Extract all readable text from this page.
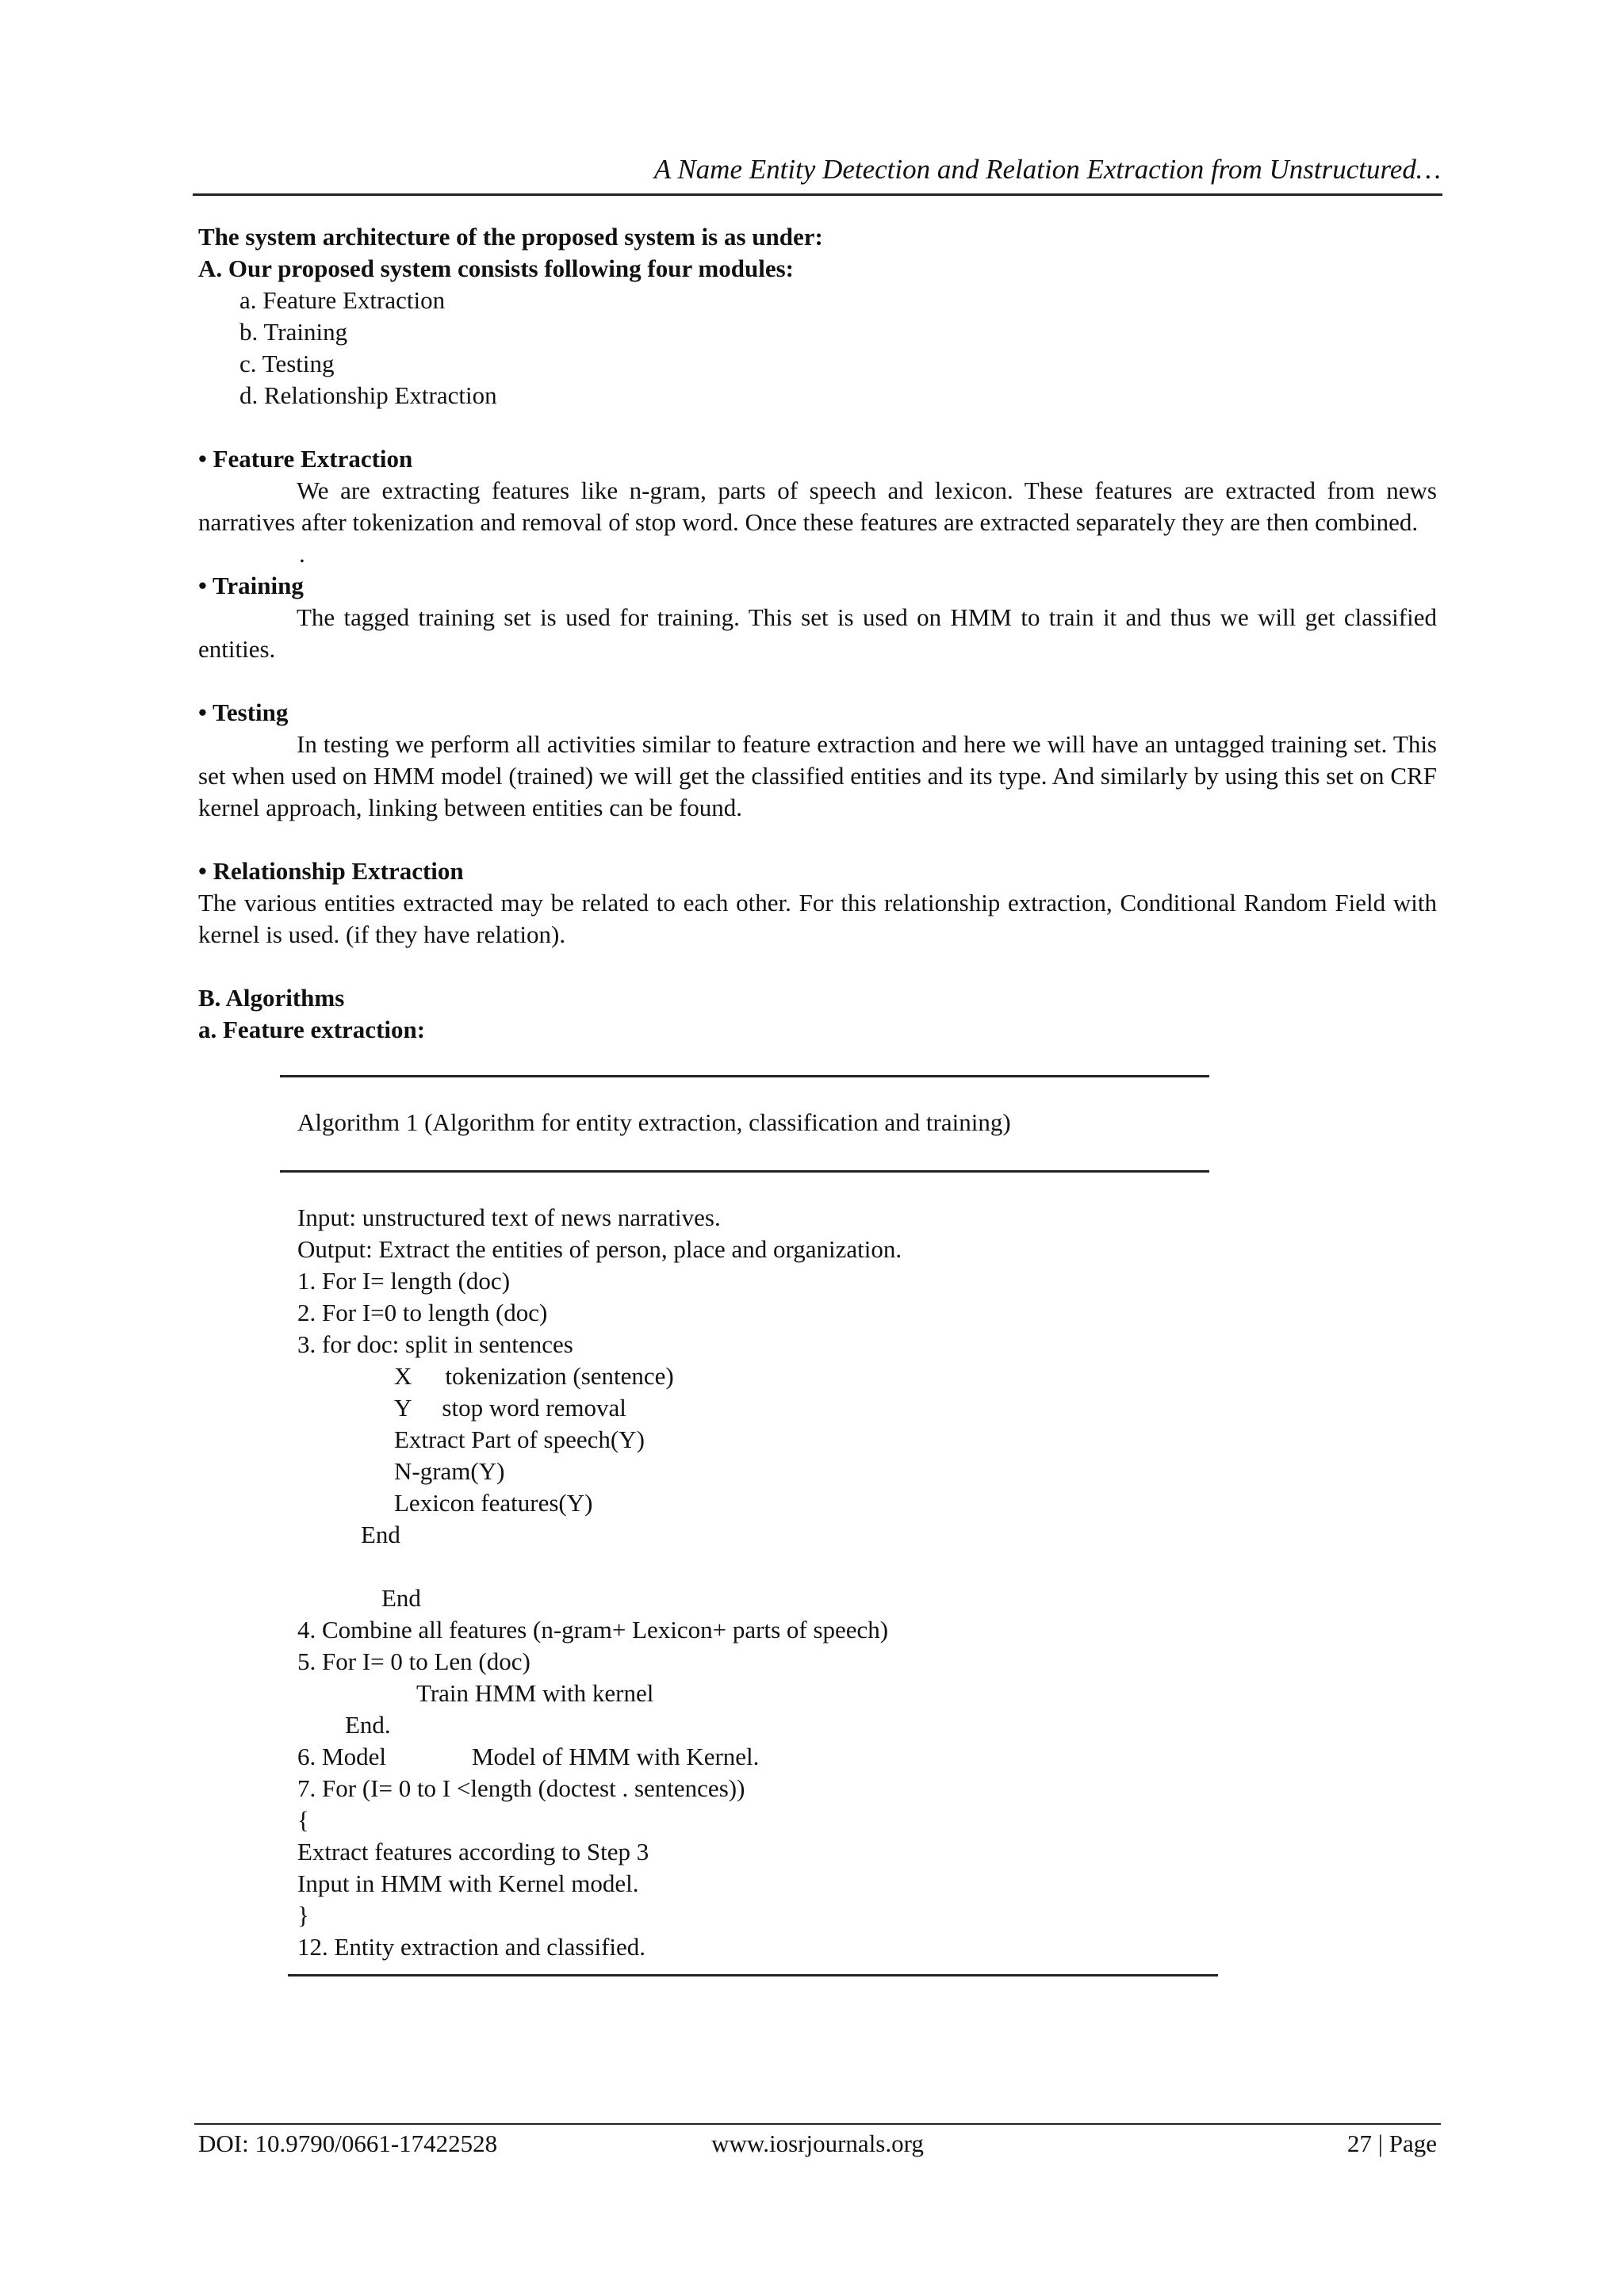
A Name Entity Detection and Relation Extraction from Unstructured…

The system architecture of the proposed system is as under:

A. Our proposed system consists following four modules:

a. Feature Extraction

b. Training

c. Testing

d. Relationship Extraction

• Feature Extraction

We are extracting features like n-gram, parts of speech and lexicon. These features are extracted from news narratives after tokenization and removal of stop word. Once these features are extracted separately they are then combined.

.

• Training

The tagged training set is used for training. This set is used on HMM to train it and thus we will get classified entities.

• Testing

In testing we perform all activities similar to feature extraction and here we will have an untagged training set. This set when used on HMM model (trained) we will get the classified entities and its type. And similarly by using this set on CRF kernel approach, linking between entities can be found.

• Relationship Extraction

The various entities extracted may be related to each other. For this relationship extraction, Conditional Random Field with kernel is used. (if they have relation).

B. Algorithms

a. Feature extraction:

Algorithm 1 (Algorithm for entity extraction, classification and training)

Input: unstructured text of news narratives.

Output: Extract the entities of person, place and organization.

1. For I= length (doc)

2. For I=0 to length (doc)

3. for doc: split in sentences

X tokenization (sentence)

Y stop word removal

Extract Part of speech(Y)

N-gram(Y)

Lexicon features(Y)

End

End

4. Combine all features (n-gram+ Lexicon+ parts of speech)

5. For I= 0 to Len (doc)

Train HMM with kernel

End.

6. Model	Model of HMM with Kernel.

7. For (I= 0 to I <length (doctest . sentences))

{

Extract features according to Step 3

Input in HMM with Kernel model.

}

12. Entity extraction and classified.

DOI: 10.9790/0661-17422528	www.iosrjournals.org	27 | Page
